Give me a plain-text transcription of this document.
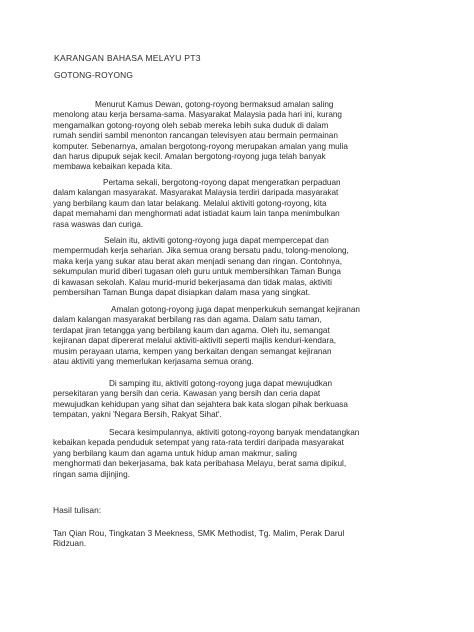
KARANGAN BAHASA MELAYU PT3

GOTONG-ROYONG

Menurut Kamus Dewan, gotong-royong bermaksud amalan saling
menolong atau kerja bersama-sama. Masyarakat Malaysia pada hari ini, kurang
mengamalkan gotong-royong oleh sebab mereka lebih suka duduk di dalam
rumah sendiri sambil menonton rancangan televisyen atau bermain permainan
komputer. Sebenarnya, amalan bergotong-royong merupakan amalan yang mulia
dan harus dipupuk sejak kecil. Amalan bergotong-royong juga telah banyak
membawa kebaikan kepada kita.
Pertama sekali, bergotong-royong dapat mengeratkan perpaduan
dalam kalangan masyarakat. Masyarakat Malaysia terdiri daripada masyarakat
yang berbilang kaum dan latar belakang. Melalui aktiviti gotong-royong, kita
dapat memahami dan menghormati adat istiadat kaum lain tanpa menimbulkan
rasa waswas dan curiga.
Selain itu, aktiviti gotong-royong juga dapat mempercepat dan
mempermudah kerja seharian. Jika semua orang bersatu padu, tolong-menolong,
maka kerja yang sukar atau berat akan menjadi senang dan ringan. Contohnya,
sekumpulan murid diberi tugasan oleh guru untuk membersihkan Taman Bunga
di kawasan sekolah. Kalau murid-murid bekerjasama dan tidak malas, aktiviti
pembersihan Taman Bunga dapat disiapkan dalam masa yang singkat.
Amalan gotong-royong juga dapat menperkukuh semangat kejiranan
dalam kalangan masyarakat berbilang ras dan agama. Dalam satu taman,
terdapat jiran tetangga yang berbilang kaum dan agama. Oleh itu, semangat
kejiranan dapat dipererat melalui aktiviti-aktiviti seperti majlis kenduri-kendara,
musim perayaan utama, kempen yang berkaitan dengan semangat kejiranan
atau aktiviti yang memerlukan kerjasama semua orang.
Di samping itu, aktiviti gotong-royong juga dapat mewujudkan
persekitaran yang bersih dan ceria. Kawasan yang bersih dan ceria dapat
mewujudkan kehidupan yang sihat dan sejahtera bak kata slogan pihak berkuasa
tempatan, yakni 'Negara Bersih, Rakyat Sihat'.
Secara kesimpulannya, aktiviti gotong-royong banyak mendatangkan
kebaikan kepada penduduk setempat yang rata-rata terdiri daripada masyarakat
yang berbilang kaum dan agama untuk hidup aman makmur, saling
menghormati dan bekerjasama, bak kata peribahasa Melayu, berat sama dipikul,
ringan sama dijinjing.

Hasil tulisan:

Tan Qian Rou, Tingkatan 3 Meekness, SMK Methodist, Tg. Malim, Perak Darul
Ridzuan.
